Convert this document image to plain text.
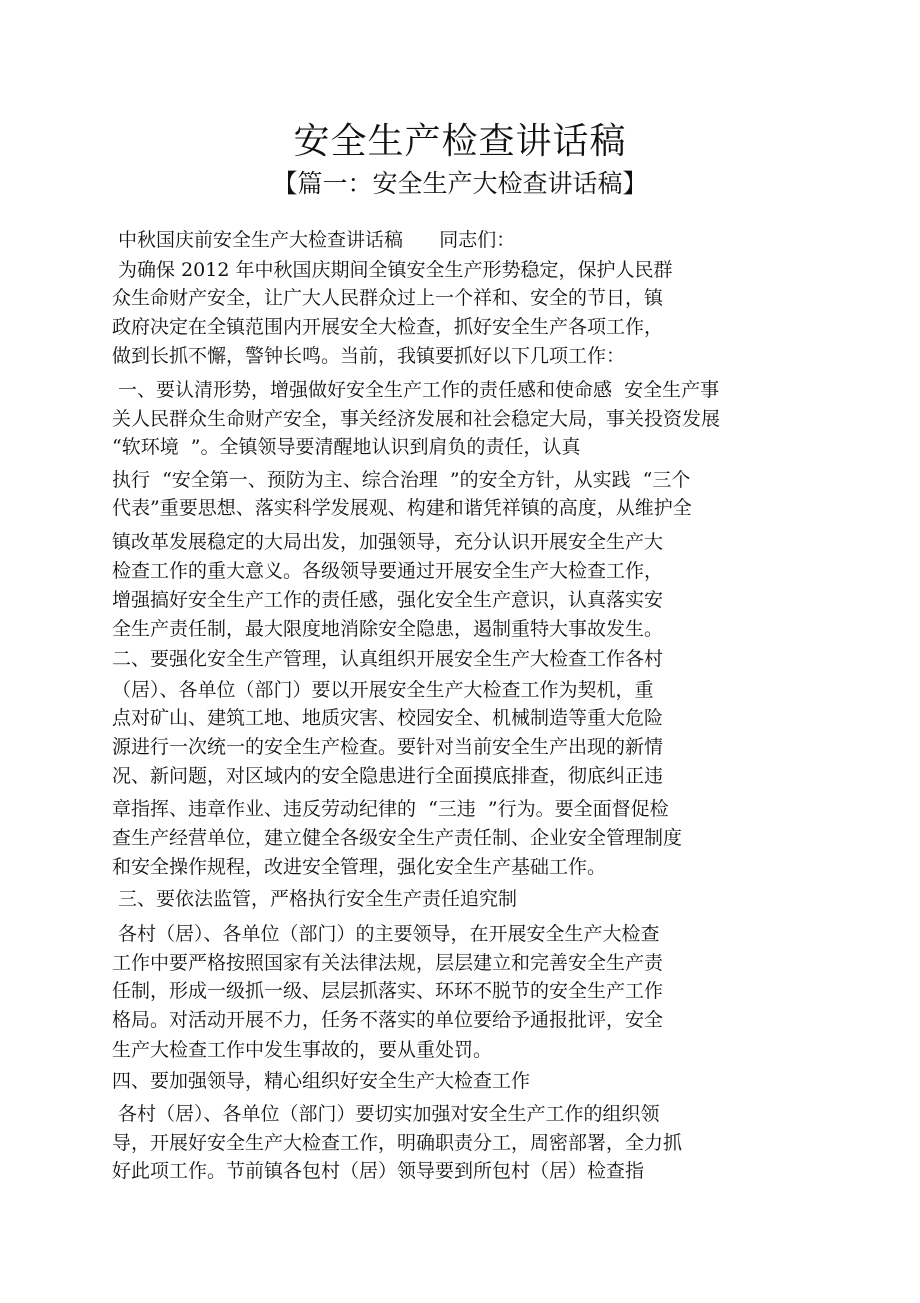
安全生产检查讲话稿
【篇一：安全生产大检查讲话稿】
中秋国庆前安全生产大检查讲话稿      同志们：
为确保 2012 年中秋国庆期间全镇安全生产形势稳定，保护人民群
众生命财产安全，让广大人民群众过上一个祥和、安全的节日，镇
政府决定在全镇范围内开展安全大检查，抓好安全生产各项工作，
做到长抓不懈，警钟长鸣。当前，我镇要抓好以下几项工作：
一、要认清形势，增强做好安全生产工作的责任感和使命感  安全生产事
关人民群众生命财产安全，事关经济发展和社会稳定大局，事关投资发展
“软环境  ”。全镇领导要清醒地认识到肩负的责任，认真
执行  “安全第一、预防为主、综合治理  ”的安全方针，从实践  “三个
代表”重要思想、落实科学发展观、构建和谐凭祥镇的高度，从维护全
镇改革发展稳定的大局出发，加强领导，充分认识开展安全生产大
检查工作的重大意义。各级领导要通过开展安全生产大检查工作，
增强搞好安全生产工作的责任感，强化安全生产意识，认真落实安
全生产责任制，最大限度地消除安全隐患，遏制重特大事故发生。
二、要强化安全生产管理，认真组织开展安全生产大检查工作各村
（居）、各单位（部门）要以开展安全生产大检查工作为契机，重
点对矿山、建筑工地、地质灾害、校园安全、机械制造等重大危险
源进行一次统一的安全生产检查。要针对当前安全生产出现的新情
况、新问题，对区域内的安全隐患进行全面摸底排查，彻底纠正违
章指挥、违章作业、违反劳动纪律的  “三违  ”行为。要全面督促检
查生产经营单位，建立健全各级安全生产责任制、企业安全管理制度
和安全操作规程，改进安全管理，强化安全生产基础工作。
三、要依法监管，严格执行安全生产责任追究制
各村（居）、各单位（部门）的主要领导，在开展安全生产大检查
工作中要严格按照国家有关法律法规，层层建立和完善安全生产责
任制，形成一级抓一级、层层抓落实、环环不脱节的安全生产工作
格局。对活动开展不力，任务不落实的单位要给予通报批评，安全
生产大检查工作中发生事故的，要从重处罚。
四、要加强领导，精心组织好安全生产大检查工作
各村（居）、各单位（部门）要切实加强对安全生产工作的组织领
导，开展好安全生产大检查工作，明确职责分工，周密部署，全力抓
好此项工作。节前镇各包村（居）领导要到所包村（居）检查指
